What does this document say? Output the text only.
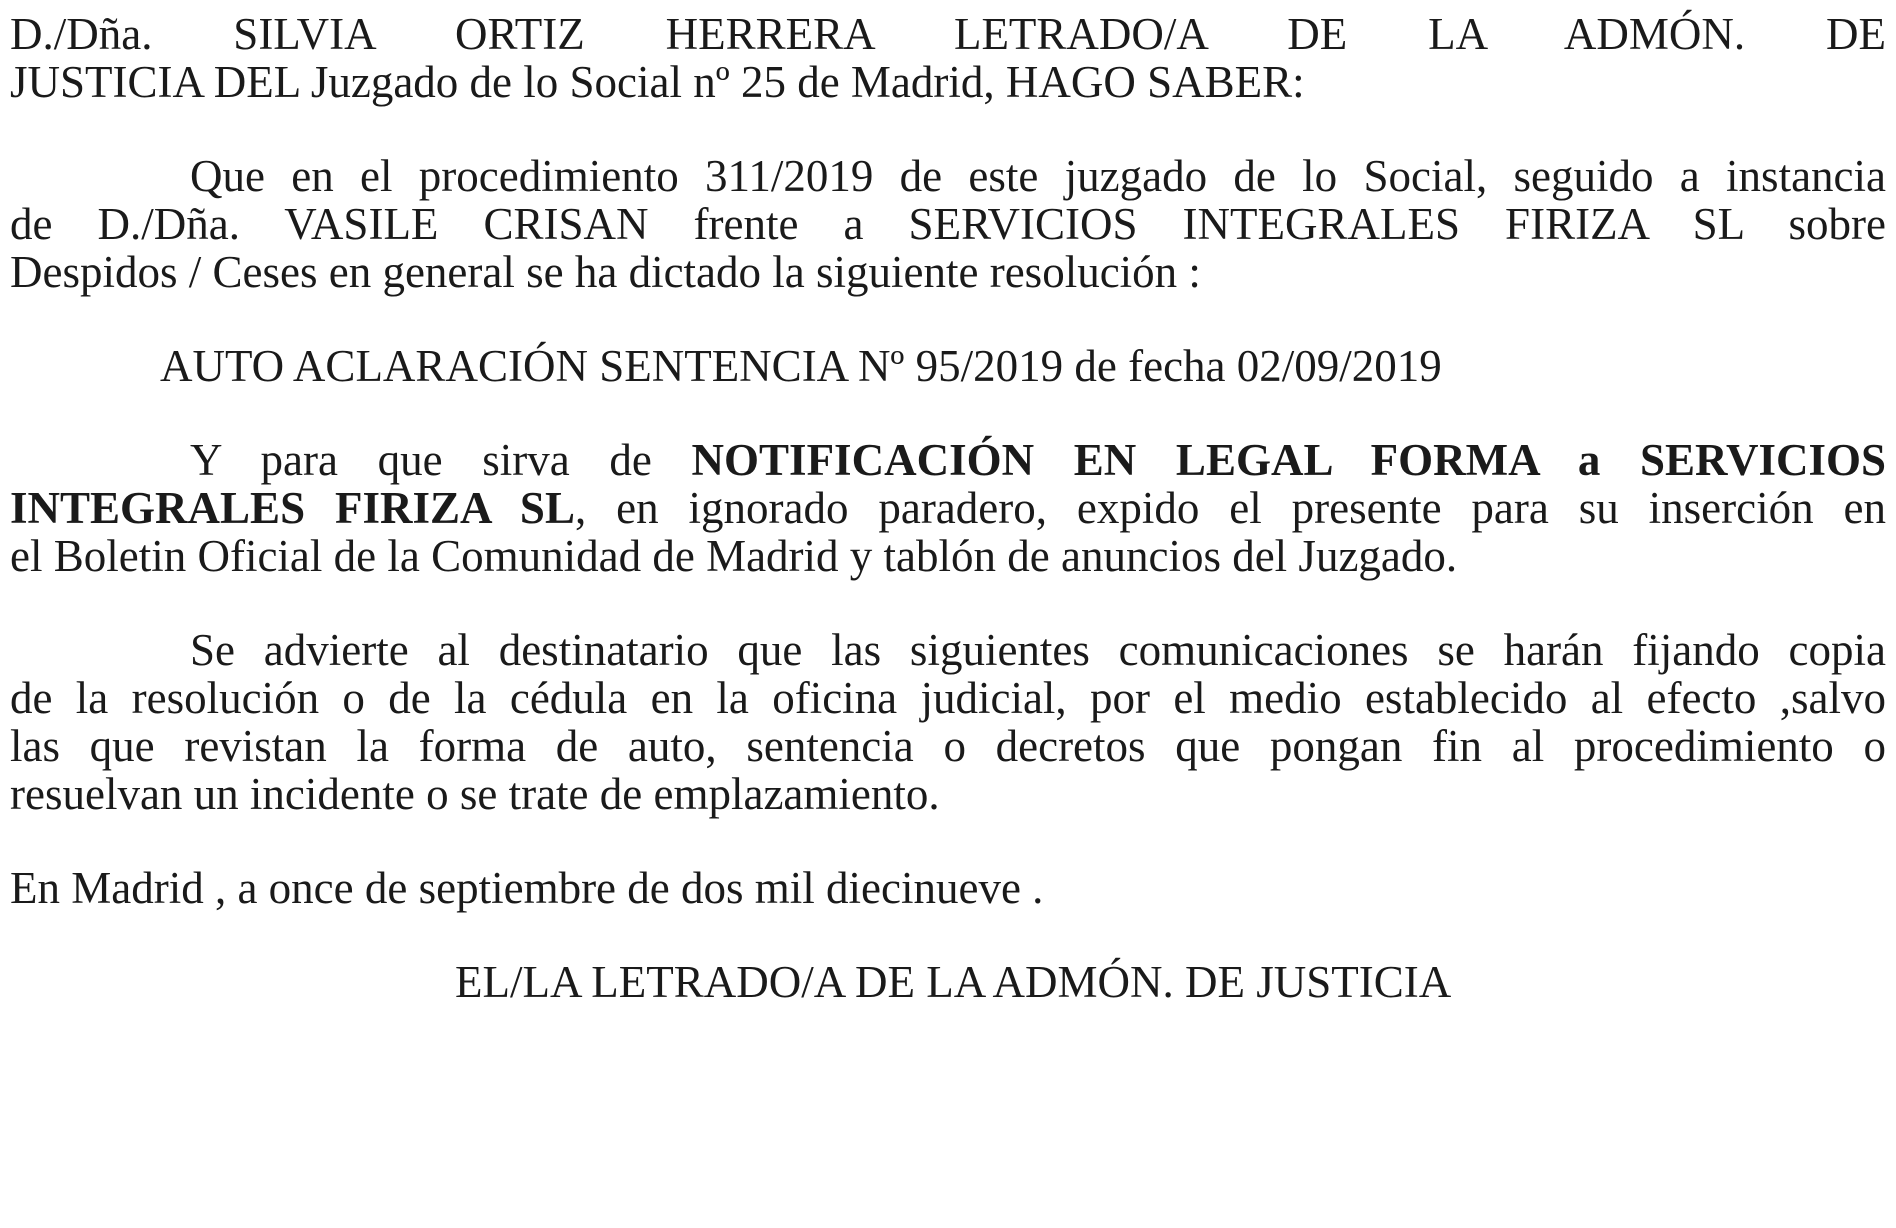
D./Dña. SILVIA ORTIZ HERRERA LETRADO/A DE LA ADMÓN. DE

JUSTICIA DEL Juzgado de lo Social nº 25 de Madrid, HAGO SABER:

Que en el procedimiento 311/2019 de este juzgado de lo Social, seguido a instancia

de D./Dña. VASILE CRISAN frente a SERVICIOS INTEGRALES FIRIZA SL sobre

Despidos / Ceses en general se ha dictado la siguiente resolución :

AUTO ACLARACIÓN SENTENCIA Nº 95/2019 de fecha 02/09/2019

Y para que sirva de NOTIFICACIÓN EN LEGAL FORMA a SERVICIOS

INTEGRALES FIRIZA SL, en ignorado paradero, expido el presente para su inserción en

el Boletin Oficial de la Comunidad de Madrid y tablón de anuncios del Juzgado.

Se advierte al destinatario que las siguientes comunicaciones se harán fijando copia

de la resolución o de la cédula en la oficina judicial, por el medio establecido al efecto ,salvo

las que revistan la forma de auto, sentencia o decretos que pongan fin al procedimiento o

resuelvan un incidente o se trate de emplazamiento.

En Madrid , a once de septiembre de dos mil diecinueve .

EL/LA LETRADO/A DE LA ADMÓN. DE JUSTICIA
